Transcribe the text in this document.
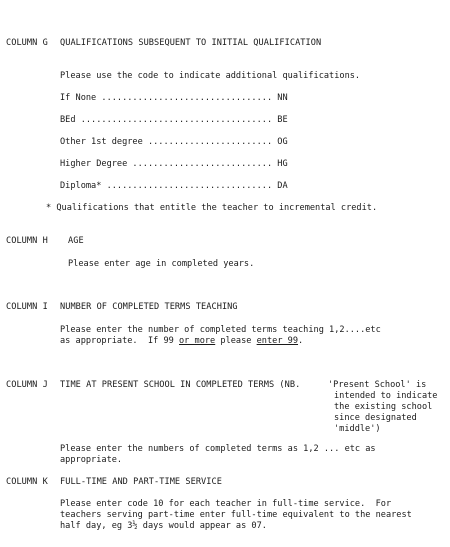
COLUMN G QUALIFICATIONS SUBSEQUENT TO INITIAL QUALIFICATION
Please use the code to indicate additional qualifications.
If None ................................. NN
BEd ..................................... BE
Other 1st degree ........................ OG
Higher Degree ........................... HG
Diploma* ................................ DA
* Qualifications that entitle the teacher to incremental credit.
COLUMN H AGE
Please enter age in completed years.
COLUMN I NUMBER OF COMPLETED TERMS TEACHING
Please enter the number of completed terms teaching 1,2....etc
as appropriate.  If 99 or more please enter 99.
COLUMN J TIME AT PRESENT SCHOOL IN COMPLETED TERMS (NB.	'Present School' is
intended to indicate
the existing school
since designated
'middle')
Please enter the numbers of completed terms as 1,2 ... etc as
appropriate.
COLUMN K FULL-TIME AND PART-TIME SERVICE
Please enter code 10 for each teacher in full-time service.  For
teachers serving part-time enter full-time equivalent to the nearest
half day, eg 3½ days would appear as 07.
